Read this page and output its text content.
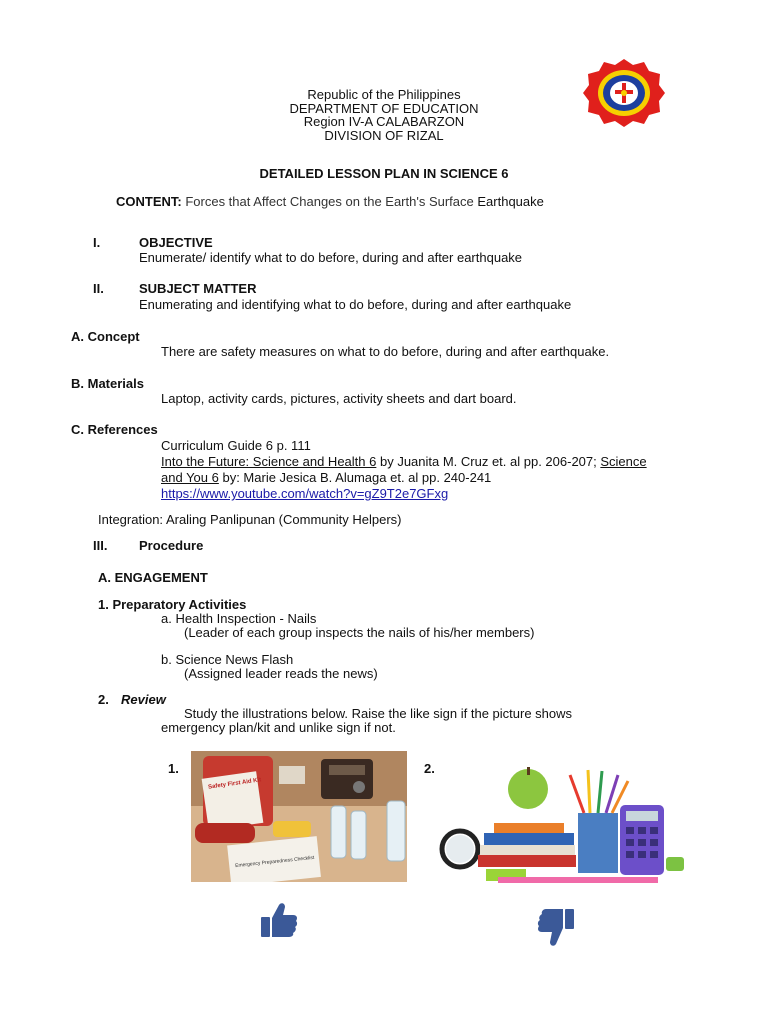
Republic of the Philippines
DEPARTMENT OF EDUCATION
Region IV-A CALABARZON
DIVISION OF RIZAL
DETAILED LESSON PLAN IN SCIENCE 6
CONTENT: Forces that Affect Changes on the Earth's Surface Earthquake
I.	OBJECTIVE
Enumerate/ identify what to do before, during and after earthquake
II.	SUBJECT MATTER
Enumerating and identifying what to do before, during and after earthquake
A. Concept
There are safety measures on what to do before, during and after earthquake.
B. Materials
Laptop, activity cards, pictures, activity sheets and dart board.
C. References
Curriculum Guide 6 p. 111
Into the Future: Science and Health 6 by Juanita M. Cruz et. al pp. 206-207; Science
and You 6 by: Marie Jesica B. Alumaga et. al pp. 240-241
https://www.youtube.com/watch?v=gZ9T2e7GFxg
Integration: Araling Panlipunan (Community Helpers)
III. Procedure
A. ENGAGEMENT
1. Preparatory Activities
a. Health Inspection - Nails
(Leader of each group inspects the nails of his/her members)
b. Science News Flash
(Assigned leader reads the news)
2. Review
Study the illustrations below. Raise the like sign if the picture shows
emergency plan/kit and unlike sign if not.
1.
Safety First Aid Kit
Emergency Preparedness Checklist
2.
